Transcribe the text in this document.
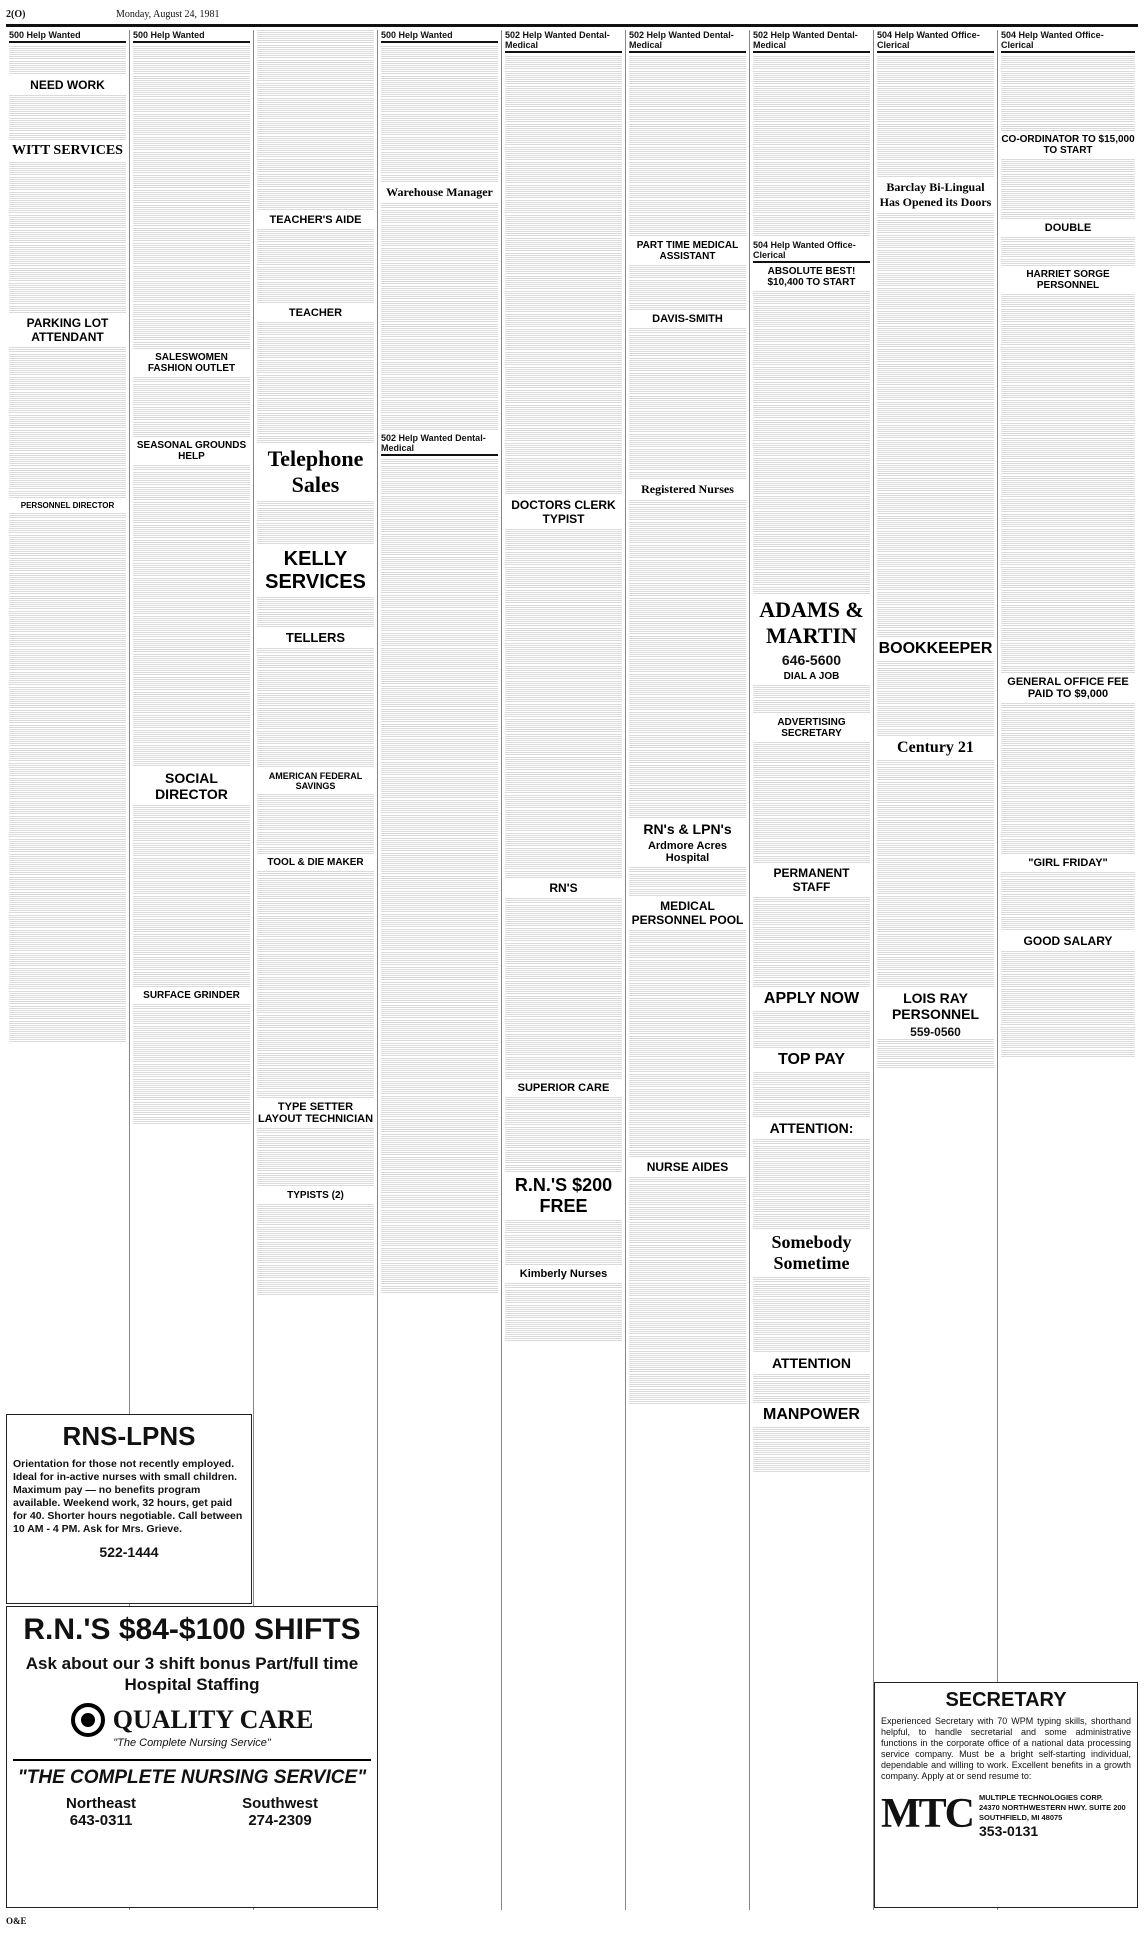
2(O)	Monday, August 24, 1981
500 Help Wanted
NEED WORK
WITT SERVICES
PARKING LOT ATTENDANT
PERSONNEL DIRECTOR
500 Help Wanted
SALESWOMEN FASHION OUTLET
SEASONAL GROUNDS HELP
SOCIAL DIRECTOR
SURFACE GRINDER
TEACHER'S AIDE
TEACHER
Telephone Sales
KELLY SERVICES
TELLERS
AMERICAN FEDERAL SAVINGS
TOOL & DIE MAKER
TYPE SETTER LAYOUT TECHNICIAN
TYPISTS (2)
500 Help Wanted
Warehouse Manager
502 Help Wanted Dental-Medical
502 Help Wanted Dental-Medical
DOCTORS CLERK TYPIST
RN'S
SUPERIOR CARE
R.N.'S $200 FREE
Kimberly Nurses
502 Help Wanted Dental-Medical
PART TIME MEDICAL ASSISTANT
DAVIS-SMITH
Registered Nurses
RN's & LPN's
Ardmore Acres Hospital
MEDICAL PERSONNEL POOL
NURSE AIDES
502 Help Wanted Dental-Medical
504 Help Wanted Office-Clerical
ABSOLUTE BEST! $10,400 TO START
ADAMS & MARTIN
646-5600
DIAL A JOB
ADVERTISING SECRETARY
PERMANENT STAFF
APPLY NOW
TOP PAY
ATTENTION:
Somebody Sometime
ATTENTION
MANPOWER
504 Help Wanted Office-Clerical
Barclay Bi-Lingual Has Opened its Doors
BOOKKEEPER
Century 21
LOIS RAY PERSONNEL
559-0560
504 Help Wanted Office-Clerical
CO-ORDINATOR TO $15,000 TO START
DOUBLE
HARRIET SORGE PERSONNEL
GENERAL OFFICE FEE PAID TO $9,000
"GIRL FRIDAY"
GOOD SALARY
RNS-LPNS
Orientation for those not recently employed. Ideal for in-active nurses with small children. Maximum pay — no benefits program available. Weekend work, 32 hours, get paid for 40. Shorter hours negotiable. Call between 10 AM - 4 PM. Ask for Mrs. Grieve.
522-1444
R.N.'S $84-$100 SHIFTS
Ask about our 3 shift bonus Part/full time Hospital Staffing
QUALITY CARE
"The Complete Nursing Service"
"THE COMPLETE NURSING SERVICE"
Northeast
643-0311
Southwest
274-2309
SECRETARY
Experienced Secretary with 70 WPM typing skills, shorthand helpful, to handle secretarial and some administrative functions in the corporate office of a national data processing service company. Must be a bright self-starting individual, dependable and willing to work. Excellent benefits in a growth company. Apply at or send resume to:
MTC MULTIPLE TECHNOLOGIES CORP.
24370 NORTHWESTERN HWY. SUITE 200 SOUTHFIELD, MI 48075
353-0131
O&E
